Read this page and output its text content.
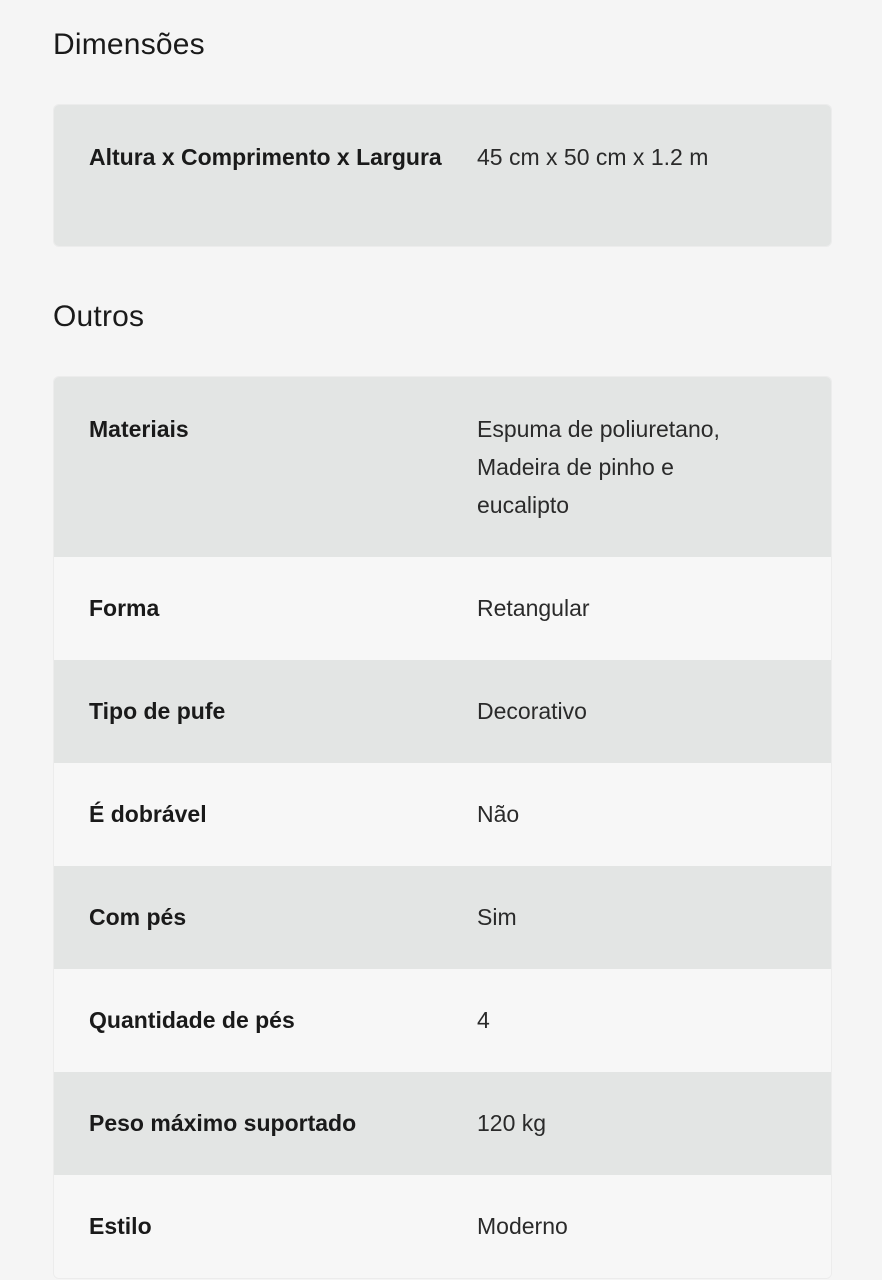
Dimensões
Altura x Comprimento x Largura	45 cm x 50 cm x 1.2 m
Outros
Materiais	Espuma de poliuretano, Madeira de pinho e eucalipto
Forma	Retangular
Tipo de pufe	Decorativo
É dobrável	Não
Com pés	Sim
Quantidade de pés	4
Peso máximo suportado	120 kg
Estilo	Moderno
